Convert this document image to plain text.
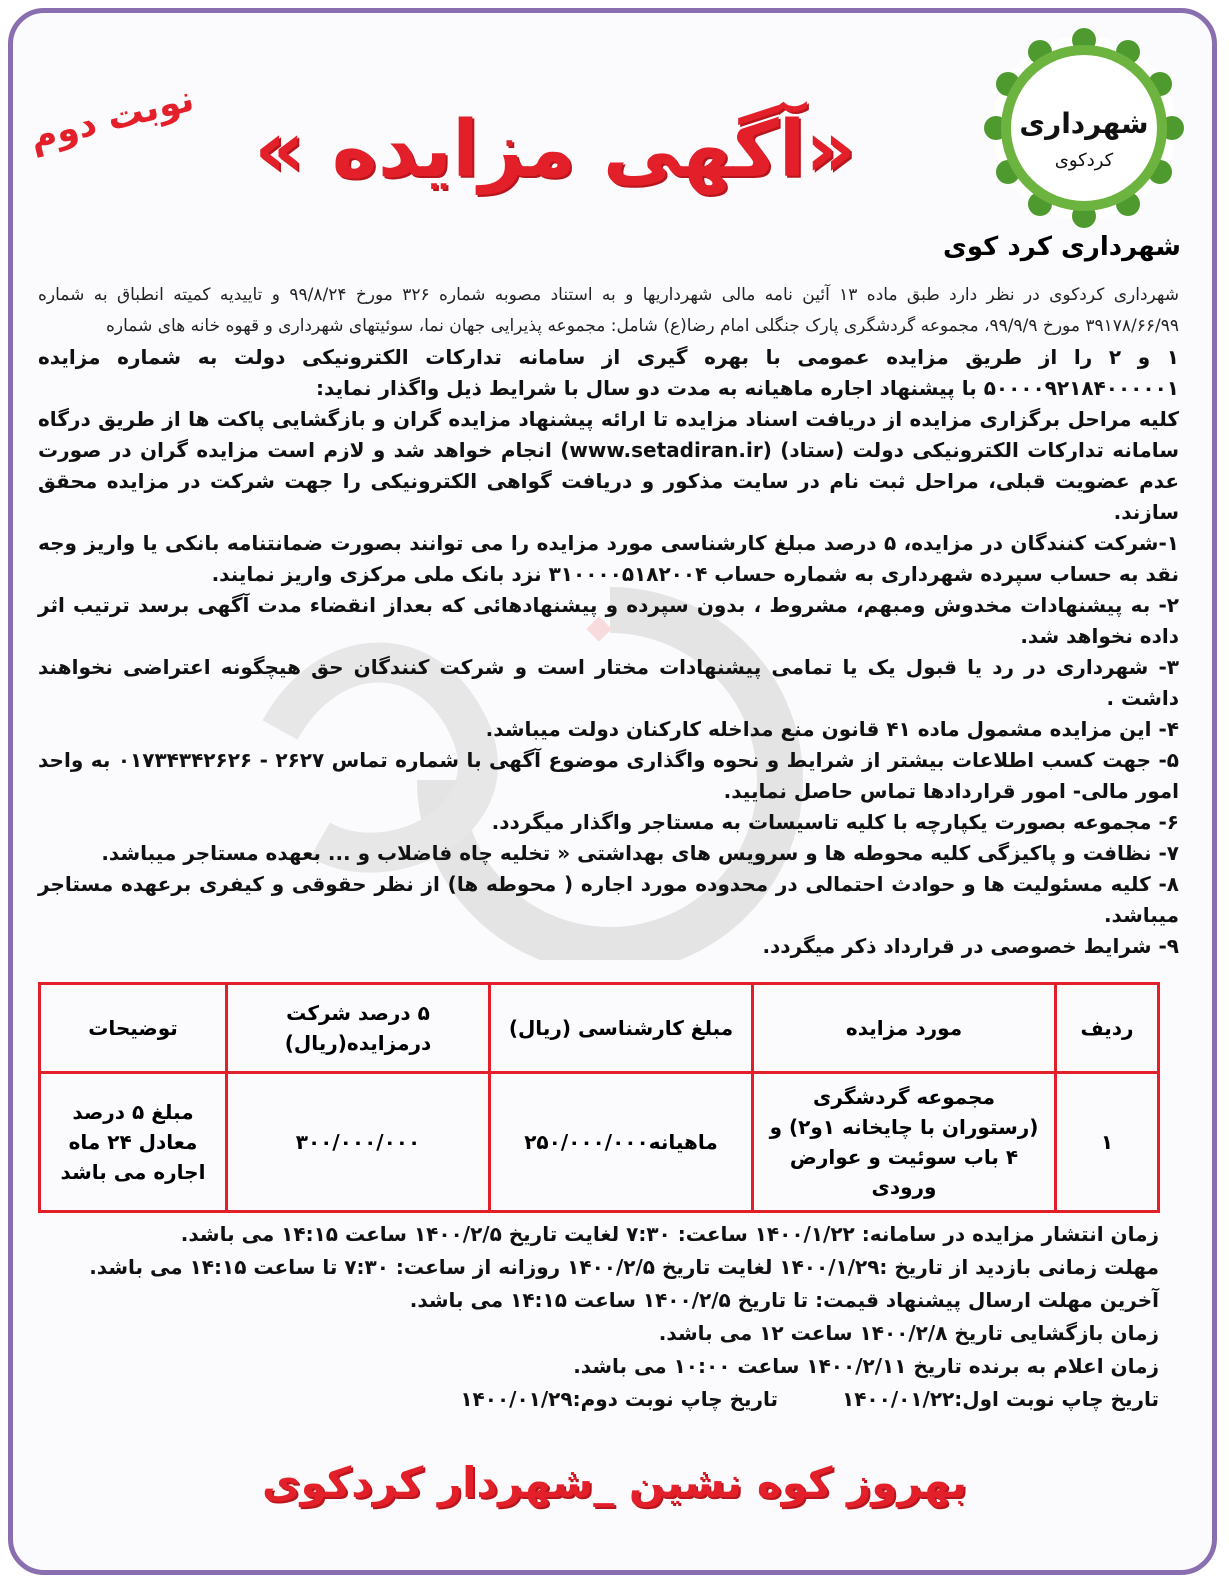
شهرداری
کردکوی
شهرداری کرد کوی
نوبت دوم «آگهی مزایده »

شهرداری کردکوی در نظر دارد طبق ماده ۱۳ آئین نامه مالی شهرداریها و به استناد مصوبه شماره ۳۲۶ مورخ ۹۹/۸/۲۴ و تاییدیه کمیته انطباق به شماره ۳۹۱۷۸/۶۶/۹۹ مورخ ۹۹/۹/۹، مجموعه گردشگری پارک جنگلی امام رضا(ع) شامل: مجموعه پذیرایی جهان نما، سوئیتهای شهرداری و قهوه خانه های شماره

۱ و ۲ را از طریق مزایده عمومی با بهره گیری از سامانه تدارکات الکترونیکی دولت به شماره مزایده ۵۰۰۰۰۹۲۱۸۴۰۰۰۰۰۱ با پیشنهاد اجاره ماهیانه به مدت دو سال با شرایط ذیل واگذار نماید:

کلیه مراحل برگزاری مزایده از دریافت اسناد مزایده تا ارائه پیشنهاد مزایده گران و بازگشایی پاکت ها از طریق درگاه سامانه تدارکات الکترونیکی دولت (ستاد) (www.setadiran.ir) انجام خواهد شد و لازم است مزایده گران در صورت عدم عضویت قبلی، مراحل ثبت نام در سایت مذکور و دریافت گواهی الکترونیکی را جهت شرکت در مزایده محقق سازند.

۱-شرکت کنندگان در مزایده، ۵ درصد مبلغ کارشناسی مورد مزایده را می توانند بصورت ضمانتنامه بانکی یا واریز وجه نقد به حساب سپرده شهرداری به شماره حساب ۳۱۰۰۰۰۵۱۸۲۰۰۴ نزد بانک ملی مرکزی واریز نمایند.

۲- به پیشنهادات مخدوش ومبهم، مشروط ، بدون سپرده و پیشنهادهائی که بعداز انقضاء مدت آگهی برسد ترتیب اثر داده نخواهد شد.

۳- شهرداری در رد یا قبول یک یا تمامی پیشنهادات مختار است و شرکت کنندگان حق هیچگونه اعتراضی نخواهند داشت .

۴- این مزایده مشمول ماده ۴۱ قانون منع مداخله کارکنان دولت میباشد.

۵- جهت کسب اطلاعات بیشتر از شرایط و نحوه واگذاری موضوع آگهی با شماره تماس ۲۶۲۷ - ۰۱۷۳۴۳۴۲۶۲۶ به واحد امور مالی- امور قراردادها تماس حاصل نمایید.

۶- مجموعه بصورت یکپارچه با کلیه تاسیسات به مستاجر واگذار میگردد.

۷- نظافت و پاکیزگی کلیه محوطه ها و سرویس های بهداشتی « تخلیه چاه فاضلاب و ... بعهده مستاجر میباشد.

۸- کلیه مسئولیت ها و حوادث احتمالی در محدوده مورد اجاره ( محوطه ها) از نظر حقوقی و کیفری برعهده مستاجر میباشد.

۹- شرایط خصوصی در قرارداد ذکر میگردد.

ردیف	مورد مزایده	مبلغ کارشناسی (ریال)	۵ درصد شرکت درمزایده(ریال)	توضیحات
۱	مجموعه گردشگری (رستوران با چایخانه ۱و۲) و ۴ باب سوئیت و عوارض ورودی	ماهیانه۲۵۰/۰۰۰/۰۰۰	۳۰۰/۰۰۰/۰۰۰	مبلغ ۵ درصد معادل ۲۴ ماه اجاره می باشد

زمان انتشار مزایده در سامانه: ۱۴۰۰/۱/۲۲ ساعت: ۷:۳۰ لغایت تاریخ ۱۴۰۰/۲/۵ ساعت ۱۴:۱۵ می باشد.

مهلت زمانی بازدید از تاریخ :۱۴۰۰/۱/۲۹ لغایت تاریخ ۱۴۰۰/۲/۵ روزانه از ساعت: ۷:۳۰ تا ساعت ۱۴:۱۵ می باشد.

آخرین مهلت ارسال پیشنهاد قیمت: تا تاریخ ۱۴۰۰/۲/۵ ساعت ۱۴:۱۵ می باشد.

زمان بازگشایی تاریخ ۱۴۰۰/۲/۸ ساعت ۱۲ می باشد.

زمان اعلام به برنده تاریخ ۱۴۰۰/۲/۱۱ ساعت ۱۰:۰۰ می باشد.

تاریخ چاپ نوبت اول:۱۴۰۰/۰۱/۲۲  تاریخ چاپ نوبت دوم:۱۴۰۰/۰۱/۲۹

بهروز کوه نشین _شهردار کردکوی
